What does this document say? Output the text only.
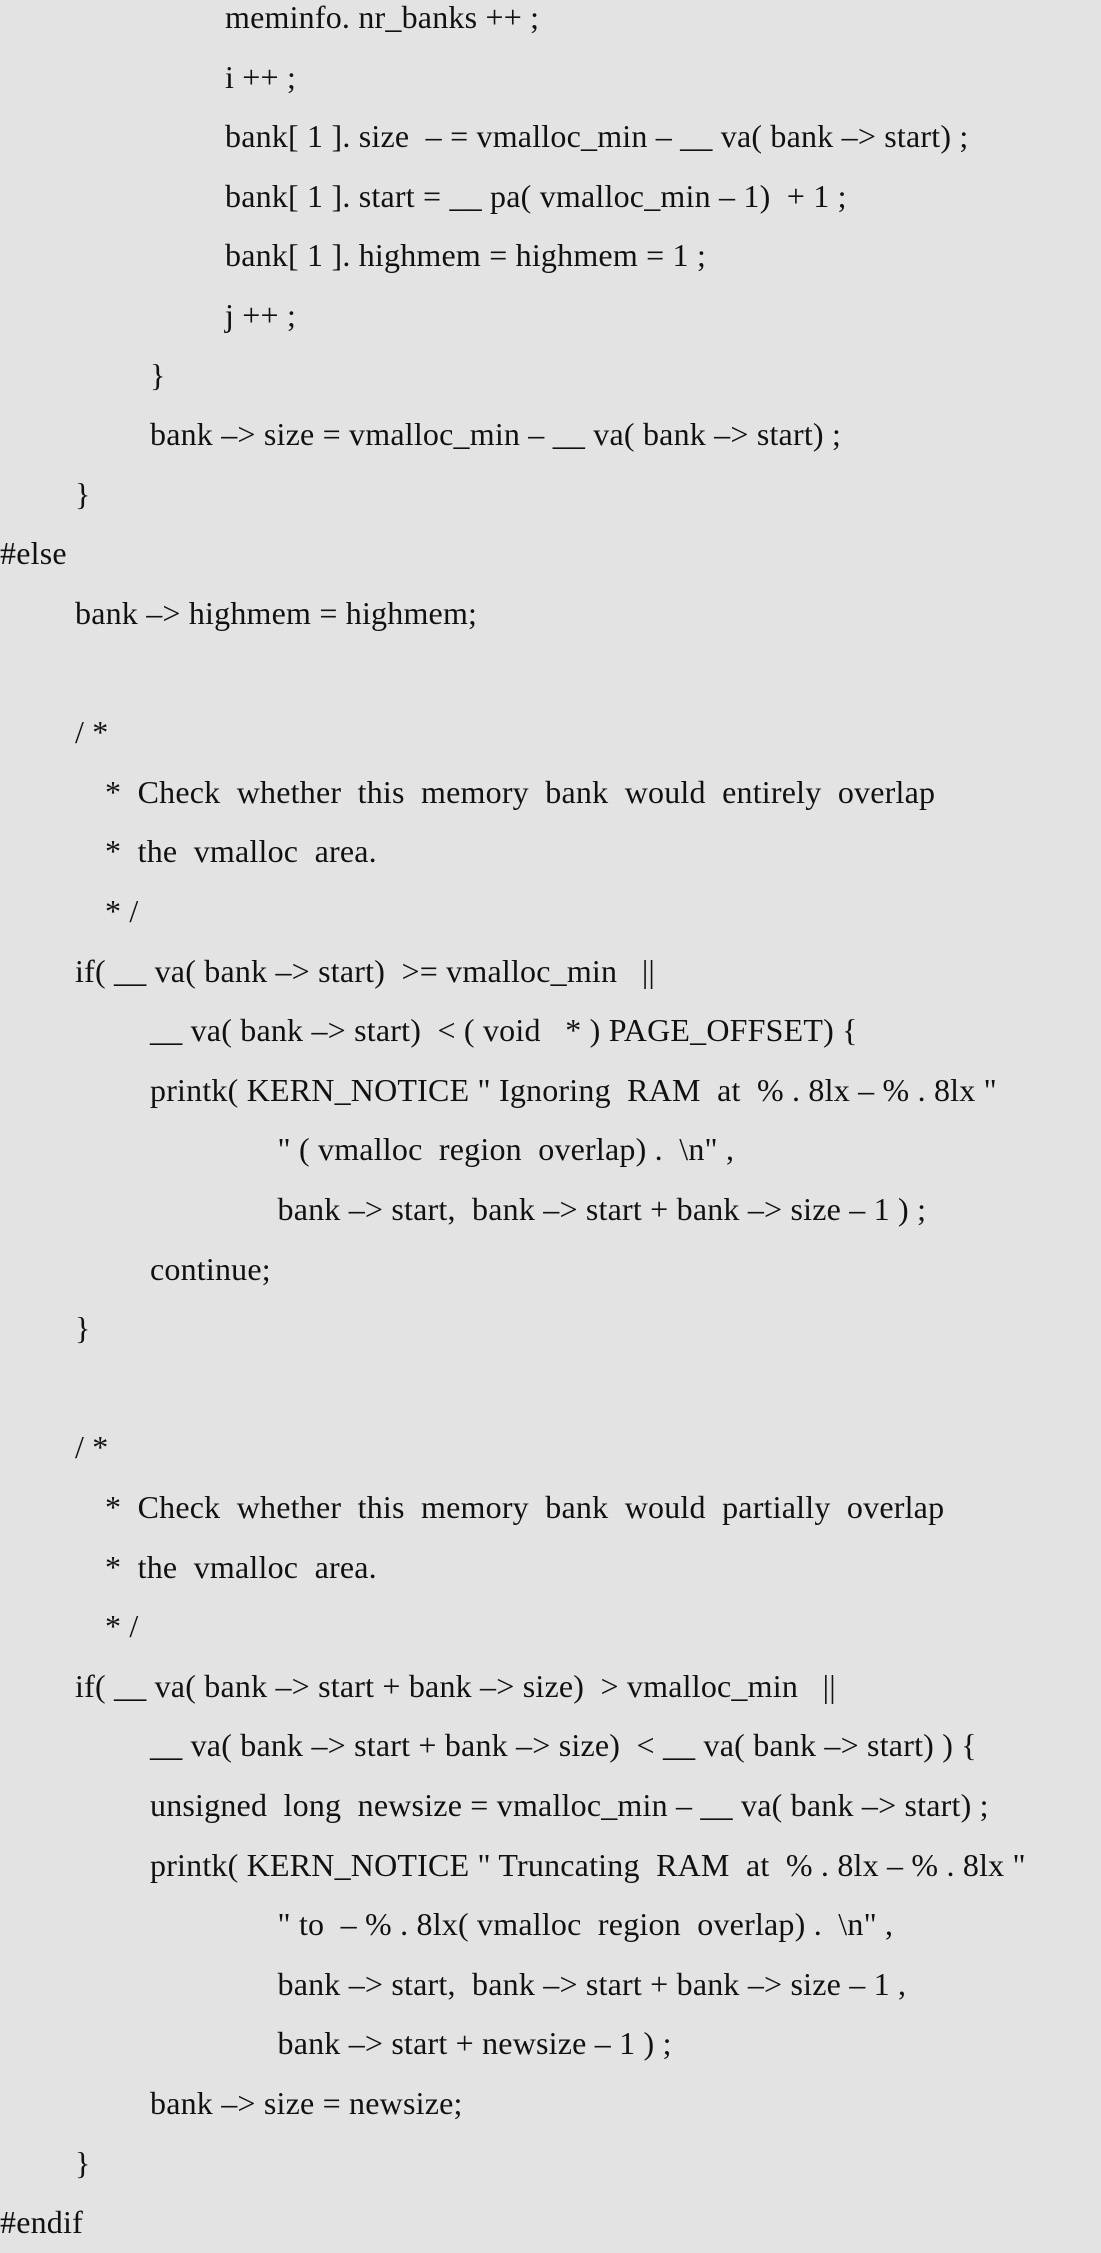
meminfo. nr_banks ++ ;
i ++ ;
bank[ 1 ]. size  – = vmalloc_min – __ va( bank –> start) ;
bank[ 1 ]. start = __ pa( vmalloc_min – 1)  + 1 ;
bank[ 1 ]. highmem = highmem = 1 ;
j ++ ;
}
bank –> size = vmalloc_min – __ va( bank –> start) ;
}
#else
bank –> highmem = highmem;
/ *
*  Check  whether  this  memory  bank  would  entirely  overlap
*  the  vmalloc  area.
* /
if( __ va( bank –> start)  >= vmalloc_min   ||
__ va( bank –> start)  < ( void   * ) PAGE_OFFSET) {
printk( KERN_NOTICE " Ignoring  RAM  at  % . 8lx – % . 8lx "
" ( vmalloc  region  overlap) .  \n" ,
bank –> start,  bank –> start + bank –> size – 1 ) ;
continue;
}
/ *
*  Check  whether  this  memory  bank  would  partially  overlap
*  the  vmalloc  area.
* /
if( __ va( bank –> start + bank –> size)  > vmalloc_min   ||
__ va( bank –> start + bank –> size)  < __ va( bank –> start) ) {
unsigned  long  newsize = vmalloc_min – __ va( bank –> start) ;
printk( KERN_NOTICE " Truncating  RAM  at  % . 8lx – % . 8lx "
" to  – % . 8lx( vmalloc  region  overlap) .  \n" ,
bank –> start,  bank –> start + bank –> size – 1 ,
bank –> start + newsize – 1 ) ;
bank –> size = newsize;
}
#endif
